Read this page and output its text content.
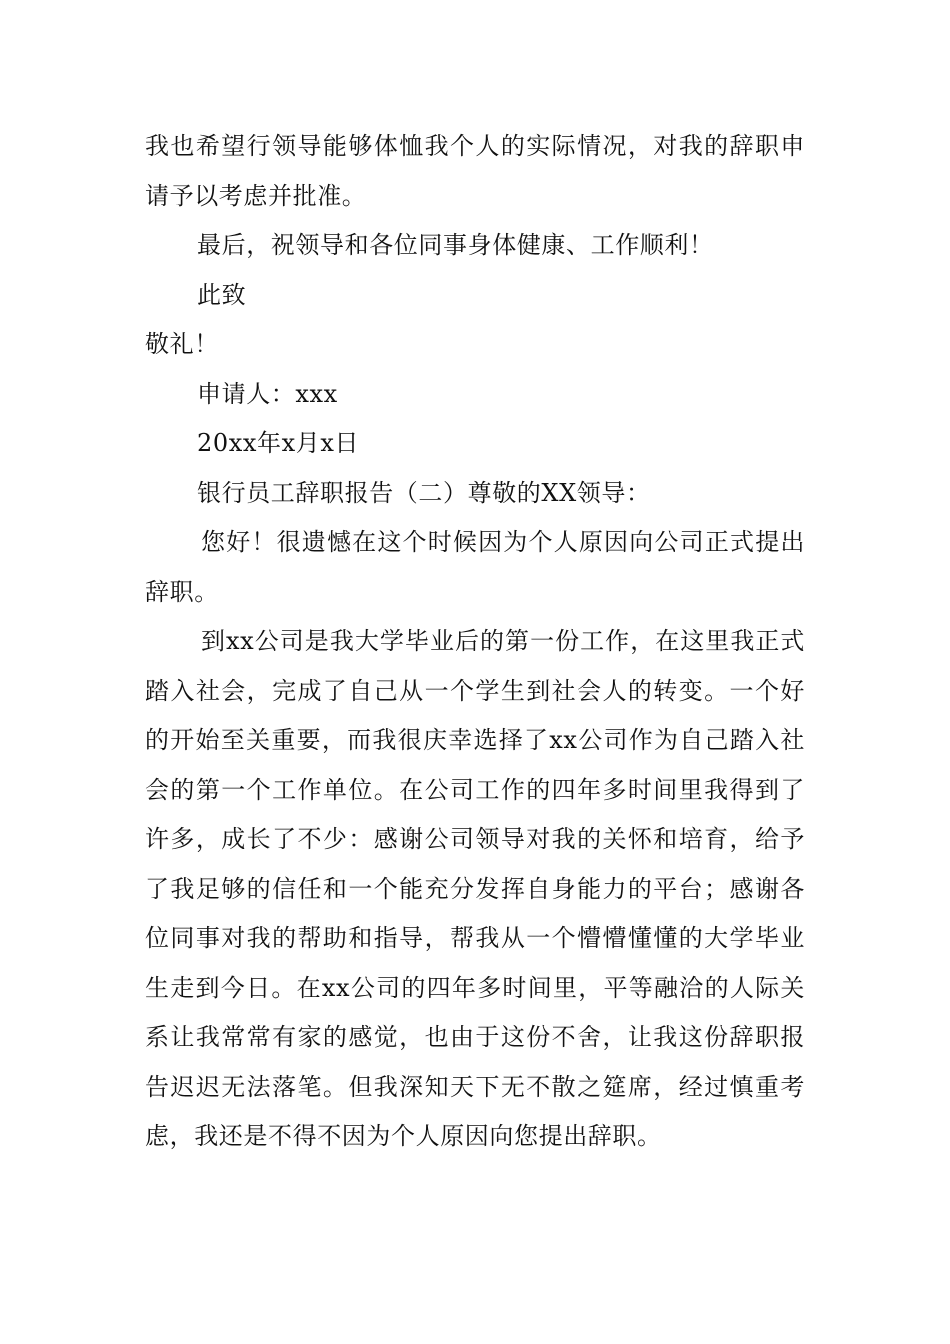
我也希望行领导能够体恤我个人的实际情况，对我的辞职申请予以考虑并批准。

最后，祝领导和各位同事身体健康、工作顺利！

此致

敬礼！

申请人：xxx

20xx年x月x日

银行员工辞职报告（二）尊敬的XX领导：

您好！很遗憾在这个时候因为个人原因向公司正式提出辞职。

到xx公司是我大学毕业后的第一份工作，在这里我正式踏入社会，完成了自己从一个学生到社会人的转变。一个好的开始至关重要，而我很庆幸选择了xx公司作为自己踏入社会的第一个工作单位。在公司工作的四年多时间里我得到了许多，成长了不少：感谢公司领导对我的关怀和培育，给予了我足够的信任和一个能充分发挥自身能力的平台；感谢各位同事对我的帮助和指导，帮我从一个懵懵懂懂的大学毕业生走到今日。在xx公司的四年多时间里，平等融洽的人际关系让我常常有家的感觉，也由于这份不舍，让我这份辞职报告迟迟无法落笔。但我深知天下无不散之筵席，经过慎重考虑，我还是不得不因为个人原因向您提出辞职。
